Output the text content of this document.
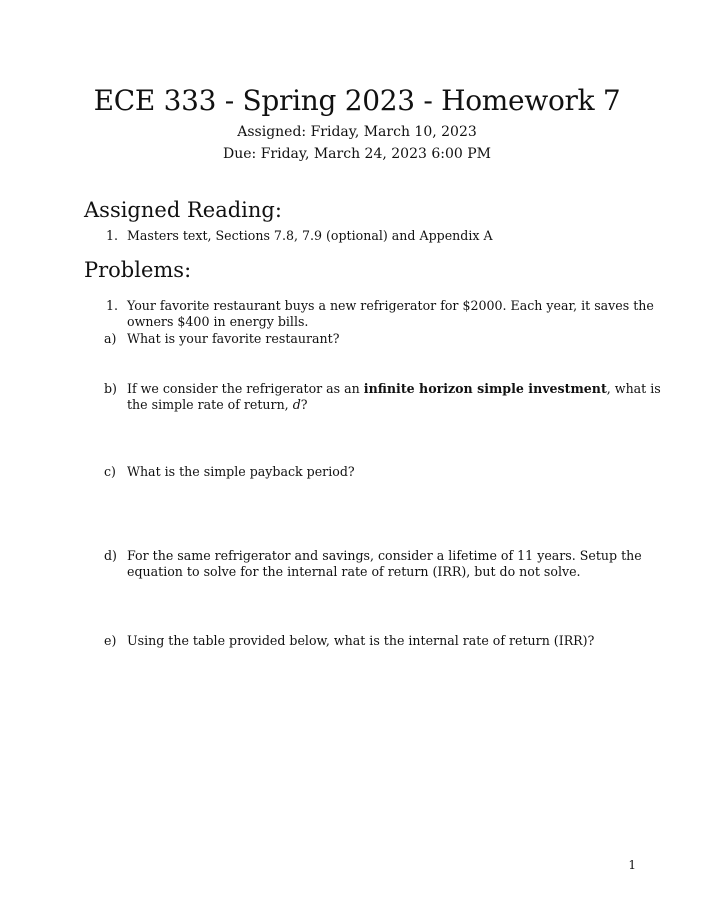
ECE 333 - Spring 2023 - Homework 7

Assigned: Friday, March 10, 2023

Due: Friday, March 24, 2023 6:00 PM

Assigned Reading:
1. Masters text, Sections 7.8, 7.9 (optional) and Appendix A

Problems:
1. Your favorite restaurant buys a new refrigerator for $2000. Each year, it saves the

owners $400 in energy bills.

a) What is your favorite restaurant?

b) If we consider the refrigerator as an infinite horizon simple investment, what is

the simple rate of return, d?

c) What is the simple payback period?

d) For the same refrigerator and savings, consider a lifetime of 11 years. Setup the

equation to solve for the internal rate of return (IRR), but do not solve.

e) Using the table provided below, what is the internal rate of return (IRR)?

1
